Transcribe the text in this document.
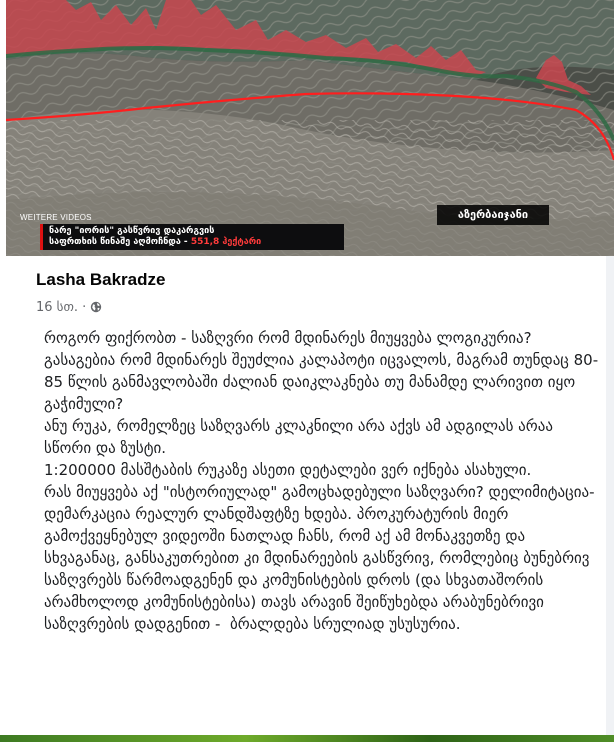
WEITERE VIDEOS
ნარე "იორის" გასწვრივ დაკარგვის
საფრთხის წინაშე აღმოჩნდა - 551,8 ჰექტარი
აზერბაიჯანი
Lasha Bakradze
16 სთ. ·
როგორ ფიქრობთ - საზღვრი რომ მდინარეს მიუყვება ლოგიკურია? გასაგებია რომ მდინარეს შეუძლია კალაპოტი იცვალოს, მაგრამ თუნდაც 80-85 წლის განმავლობაში ძალიან დაიკლაკნება თუ მანამდე ლარივით იყო გაჭიმული?
ანუ რუკა, რომელზეც საზღვარს კლაკნილი არა აქვს ამ ადგილას არაა სწორი და ზუსტი.
1:200000 მასშტაბის რუკაზე ასეთი დეტალები ვერ იქნება ასახული.
რას მიუყვება აქ "ისტორიულად" გამოცხადებული საზღვარი? დელიმიტაცია-დემარკაცია რეალურ ლანდშაფტზე ხდება. პროკურატურის მიერ გამოქვეყნებულ ვიდეოში ნათლად ჩანს, რომ აქ ამ მონაკვეთზე და სხვაგანაც, განსაკუთრებით კი მდინარეების გასწვრივ, რომლებიც ბუნებრივ საზღვრებს წარმოადგენენ და კომუნისტების დროს (და სხვათაშორის არამხოლოდ კომუნისტებისა) თავს არავინ შეიწუხებდა არაბუნებრივი საზღვრების დადგენით -  ბრალდება სრულიად უსუსურია.
